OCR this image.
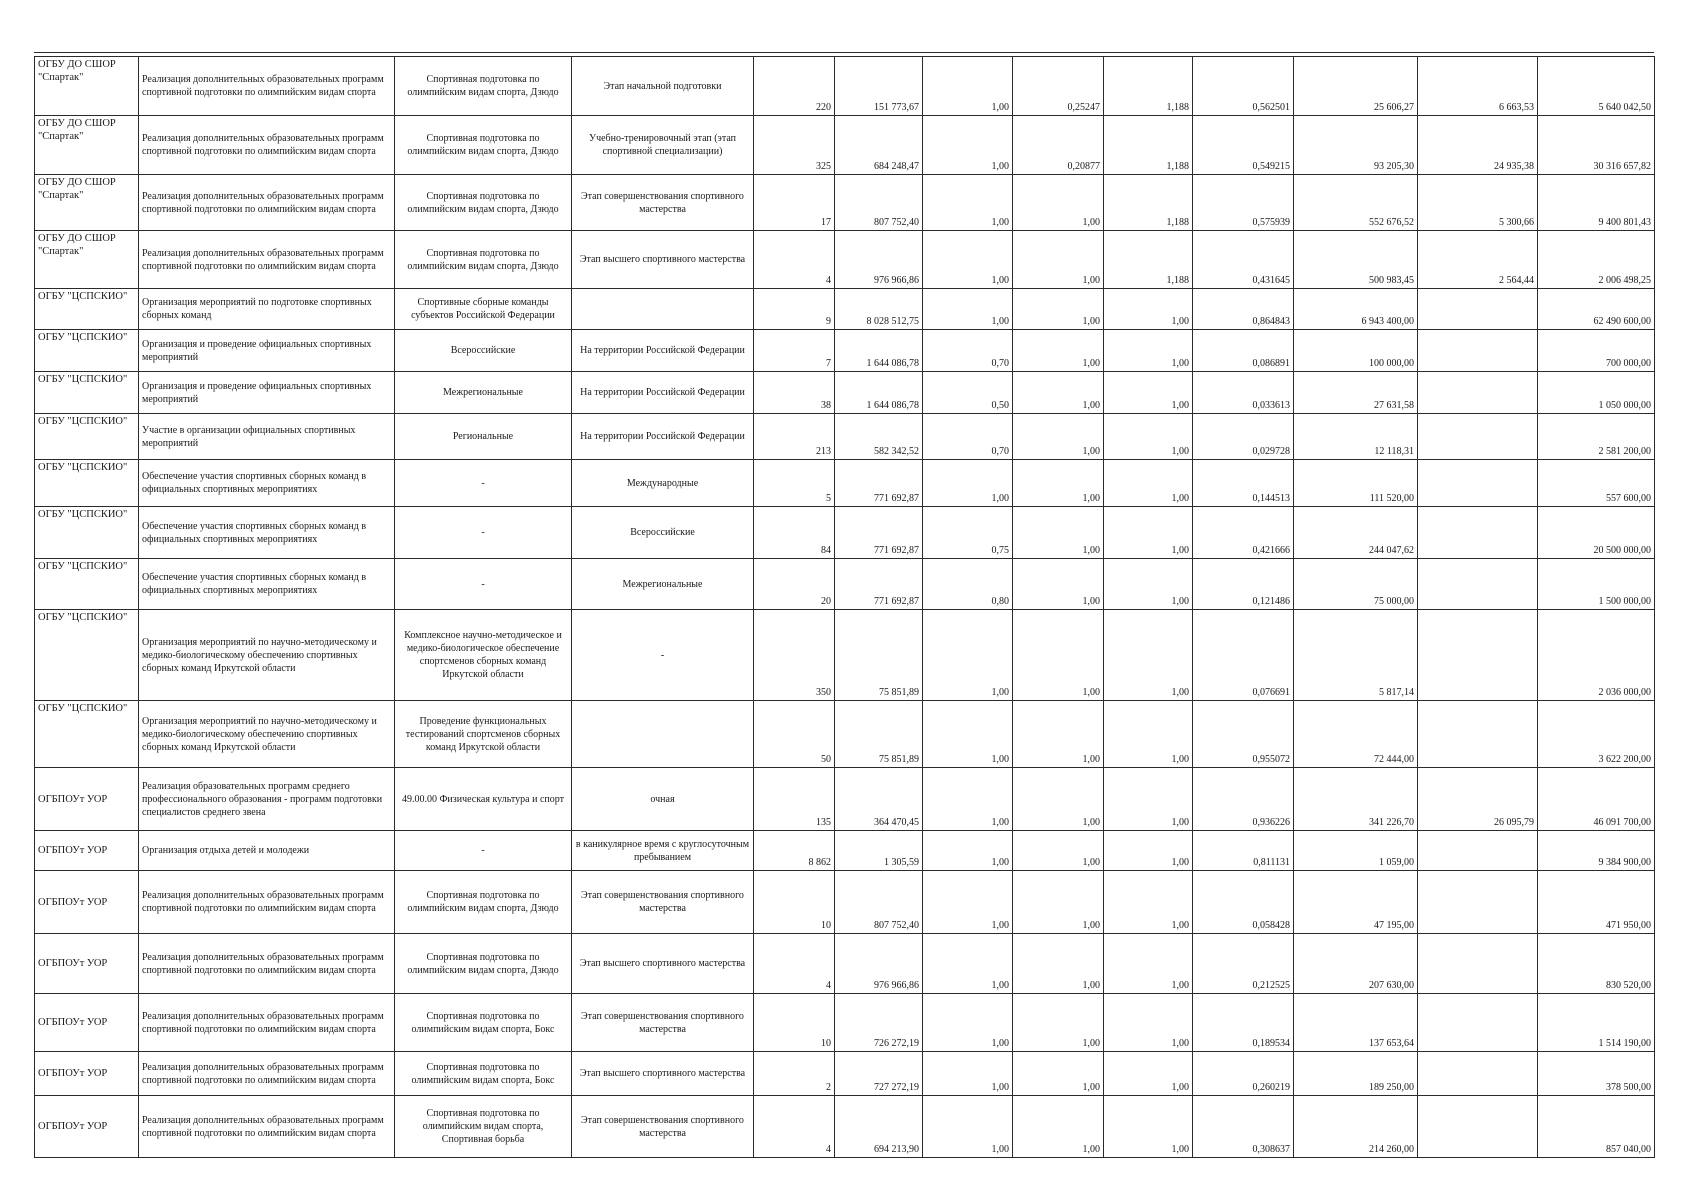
ОГБУ ДО СШОР "Спартак"	Реализация дополнительных образовательных программ спортивной подготовки по олимпийским видам спорта	Спортивная подготовка по олимпийским видам спорта, Дзюдо	Этап начальной подготовки	220	151 773,67	1,00	0,25247	1,188	0,562501	25 606,27	6 663,53	5 640 042,50
ОГБУ ДО СШОР "Спартак"	Реализация дополнительных образовательных программ спортивной подготовки по олимпийским видам спорта	Спортивная подготовка по олимпийским видам спорта, Дзюдо	Учебно-тренировочный этап (этап спортивной специализации)	325	684 248,47	1,00	0,20877	1,188	0,549215	93 205,30	24 935,38	30 316 657,82
ОГБУ ДО СШОР "Спартак"	Реализация дополнительных образовательных программ спортивной подготовки по олимпийским видам спорта	Спортивная подготовка по олимпийским видам спорта, Дзюдо	Этап совершенствования спортивного мастерства	17	807 752,40	1,00	1,00	1,188	0,575939	552 676,52	5 300,66	9 400 801,43
ОГБУ ДО СШОР "Спартак"	Реализация дополнительных образовательных программ спортивной подготовки по олимпийским видам спорта	Спортивная подготовка по олимпийским видам спорта, Дзюдо	Этап высшего спортивного мастерства	4	976 966,86	1,00	1,00	1,188	0,431645	500 983,45	2 564,44	2 006 498,25
ОГБУ "ЦСПСКИО"	Организация мероприятий по подготовке спортивных сборных команд	Спортивные сборные команды субъектов Российской Федерации		9	8 028 512,75	1,00	1,00	1,00	0,864843	6 943 400,00		62 490 600,00
ОГБУ "ЦСПСКИО"	Организация и проведение официальных спортивных мероприятий	Всероссийские	На территории Российской Федерации	7	1 644 086,78	0,70	1,00	1,00	0,086891	100 000,00		700 000,00
ОГБУ "ЦСПСКИО"	Организация и проведение официальных спортивных мероприятий	Межрегиональные	На территории Российской Федерации	38	1 644 086,78	0,50	1,00	1,00	0,033613	27 631,58		1 050 000,00
ОГБУ "ЦСПСКИО"	Участие в организации официальных спортивных мероприятий	Региональные	На территории Российской Федерации	213	582 342,52	0,70	1,00	1,00	0,029728	12 118,31		2 581 200,00
ОГБУ "ЦСПСКИО"	Обеспечение участия спортивных сборных команд в официальных спортивных мероприятиях	-	Международные	5	771 692,87	1,00	1,00	1,00	0,144513	111 520,00		557 600,00
ОГБУ "ЦСПСКИО"	Обеспечение участия спортивных сборных команд в официальных спортивных мероприятиях	-	Всероссийские	84	771 692,87	0,75	1,00	1,00	0,421666	244 047,62		20 500 000,00
ОГБУ "ЦСПСКИО"	Обеспечение участия спортивных сборных команд в официальных спортивных мероприятиях	-	Межрегиональные	20	771 692,87	0,80	1,00	1,00	0,121486	75 000,00		1 500 000,00
ОГБУ "ЦСПСКИО"	Организация мероприятий по научно-методическому и медико-биологическому обеспечению спортивных сборных команд Иркутской области	Комплексное научно-методическое и медико-биологическое обеспечение спортсменов сборных команд Иркутской области	-	350	75 851,89	1,00	1,00	1,00	0,076691	5 817,14		2 036 000,00
ОГБУ "ЦСПСКИО"	Организация мероприятий по научно-методическому и медико-биологическому обеспечению спортивных сборных команд Иркутской области	Проведение функциональных тестирований спортсменов сборных команд Иркутской области		50	75 851,89	1,00	1,00	1,00	0,955072	72 444,00		3 622 200,00
ОГБПОУт УОР	Реализация образовательных программ среднего профессионального образования - программ подготовки специалистов среднего звена	49.00.00 Физическая культура и спорт	очная	135	364 470,45	1,00	1,00	1,00	0,936226	341 226,70	26 095,79	46 091 700,00
ОГБПОУт УОР	Организация отдыха детей и молодежи	-	в каникулярное время с круглосуточным пребыванием	8 862	1 305,59	1,00	1,00	1,00	0,811131	1 059,00		9 384 900,00
ОГБПОУт УОР	Реализация дополнительных образовательных программ спортивной подготовки по олимпийским видам спорта	Спортивная подготовка по олимпийским видам спорта, Дзюдо	Этап совершенствования спортивного мастерства	10	807 752,40	1,00	1,00	1,00	0,058428	47 195,00		471 950,00
ОГБПОУт УОР	Реализация дополнительных образовательных программ спортивной подготовки по олимпийским видам спорта	Спортивная подготовка по олимпийским видам спорта, Дзюдо	Этап высшего спортивного мастерства	4	976 966,86	1,00	1,00	1,00	0,212525	207 630,00		830 520,00
ОГБПОУт УОР	Реализация дополнительных образовательных программ спортивной подготовки по олимпийским видам спорта	Спортивная подготовка по олимпийским видам спорта, Бокс	Этап совершенствования спортивного мастерства	10	726 272,19	1,00	1,00	1,00	0,189534	137 653,64		1 514 190,00
ОГБПОУт УОР	Реализация дополнительных образовательных программ спортивной подготовки по олимпийским видам спорта	Спортивная подготовка по олимпийским видам спорта, Бокс	Этап высшего спортивного мастерства	2	727 272,19	1,00	1,00	1,00	0,260219	189 250,00		378 500,00
ОГБПОУт УОР	Реализация дополнительных образовательных программ спортивной подготовки по олимпийским видам спорта	Спортивная подготовка по олимпийским видам спорта, Спортивная борьба	Этап совершенствования спортивного мастерства	4	694 213,90	1,00	1,00	1,00	0,308637	214 260,00		857 040,00
